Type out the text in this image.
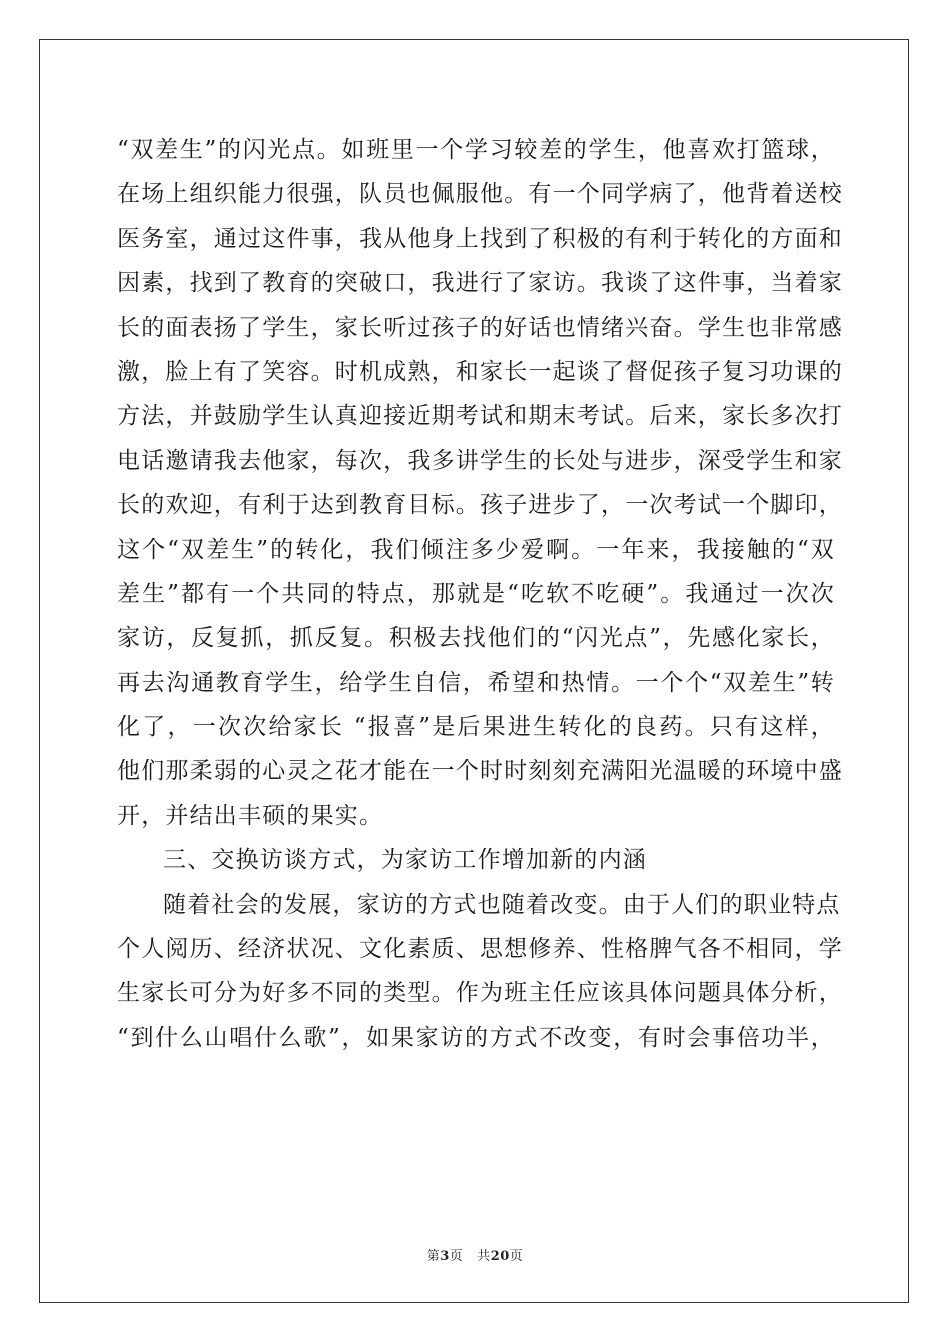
“双差生”的闪光点。如班里一个学习较差的学生，他喜欢打篮球，
在场上组织能力很强，队员也佩服他。有一个同学病了，他背着送校
医务室，通过这件事，我从他身上找到了积极的有利于转化的方面和
因素，找到了教育的突破口，我进行了家访。我谈了这件事，当着家
长的面表扬了学生，家长听过孩子的好话也情绪兴奋。学生也非常感
激，脸上有了笑容。时机成熟，和家长一起谈了督促孩子复习功课的
方法，并鼓励学生认真迎接近期考试和期末考试。后来，家长多次打
电话邀请我去他家，每次，我多讲学生的长处与进步，深受学生和家
长的欢迎，有利于达到教育目标。孩子进步了，一次考试一个脚印，
这个“双差生”的转化，我们倾注多少爱啊。一年来，我接触的“双
差生”都有一个共同的特点，那就是“吃软不吃硬”。我通过一次次
家访，反复抓，抓反复。积极去找他们的“闪光点”，先感化家长，
再去沟通教育学生，给学生自信，希望和热情。一个个“双差生”转
化了，一次次给家长 “报喜”是后果进生转化的良药。只有这样，
他们那柔弱的心灵之花才能在一个时时刻刻充满阳光温暖的环境中盛
开，并结出丰硕的果实。
三、交换访谈方式，为家访工作增加新的内涵
随着社会的发展，家访的方式也随着改变。由于人们的职业特点
个人阅历、经济状况、文化素质、思想修养、性格脾气各不相同，学
生家长可分为好多不同的类型。作为班主任应该具体问题具体分析，
“到什么山唱什么歌”，如果家访的方式不改变，有时会事倍功半，
第3页 共20页
